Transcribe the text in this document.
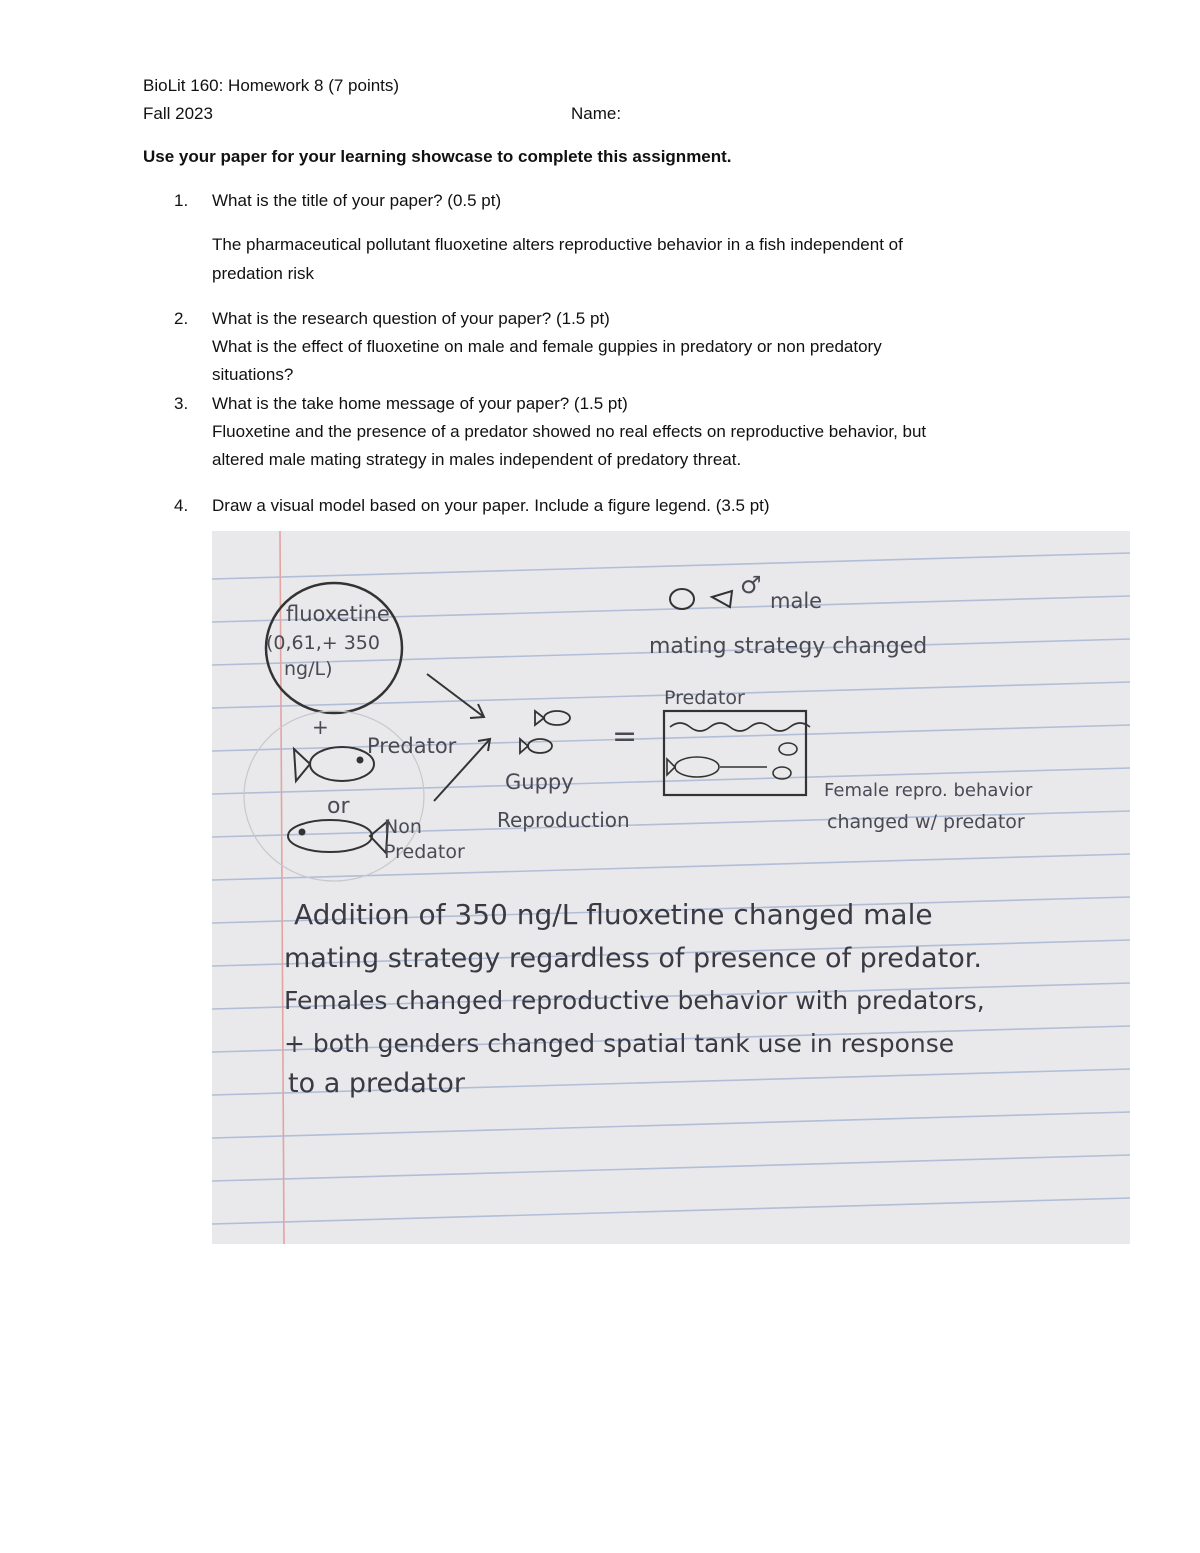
BioLit 160: Homework 8 (7 points)
Fall 2023	Name:
Use your paper for your learning showcase to complete this assignment.
1. What is the title of your paper? (0.5 pt)
The pharmaceutical pollutant fluoxetine alters reproductive behavior in a fish independent of
predation risk
2. What is the research question of your paper? (1.5 pt)
What is the effect of fluoxetine on male and female guppies in predatory or non predatory
situations?
3. What is the take home message of your paper? (1.5 pt)
Fluoxetine and the presence of a predator showed no real effects on reproductive behavior, but
altered male mating strategy in males independent of predatory threat.
4. Draw a visual model based on your paper. Include a figure legend. (3.5 pt)
fluoxetine
(0,61,+ 350
ng/L)
+
Predator
or
Non
Predator
Guppy
Reproduction
=
♂
male
mating strategy changed
Predator
Female repro. behavior
changed w/ predator
Addition of 350 ng/L fluoxetine changed male
mating strategy regardless of presence of predator.
Females changed reproductive behavior with predators,
+ both genders changed spatial tank use in response
to a predator
